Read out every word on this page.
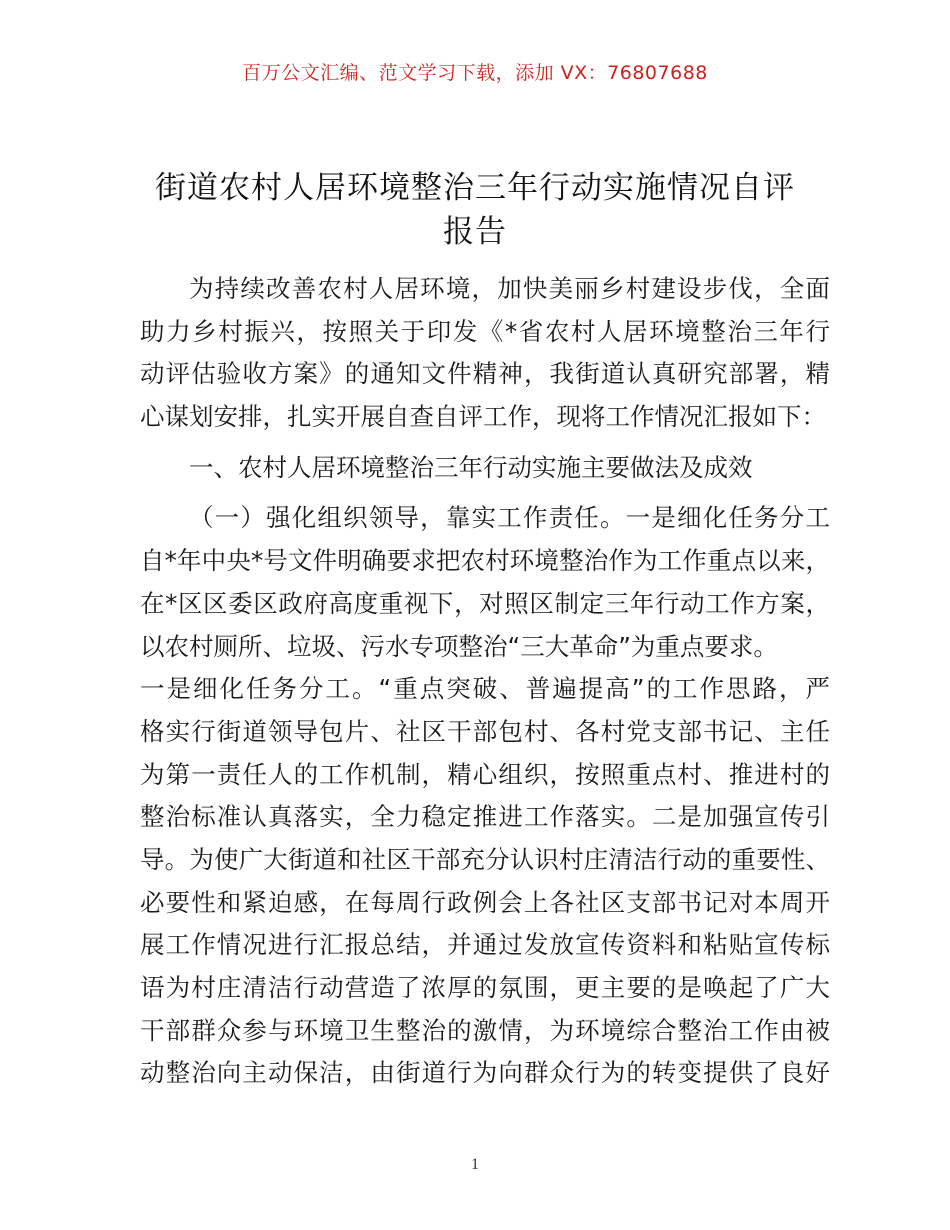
百万公文汇编、范文学习下载，添加 VX：76807688
街道农村人居环境整治三年行动实施情况自评
报告
为持续改善农村人居环境，加快美丽乡村建设步伐，全面
助力乡村振兴，按照关于印发《*省农村人居环境整治三年行
动评估验收方案》的通知文件精神，我街道认真研究部署，精
心谋划安排，扎实开展自查自评工作，现将工作情况汇报如下：
一、农村人居环境整治三年行动实施主要做法及成效
（一）强化组织领导，靠实工作责任。一是细化任务分工
自*年中央*号文件明确要求把农村环境整治作为工作重点以来，
在*区区委区政府高度重视下，对照区制定三年行动工作方案，
以农村厕所、垃圾、污水专项整治“三大革命”为重点要求。
一是细化任务分工。“重点突破、普遍提高”的工作思路，严
格实行街道领导包片、社区干部包村、各村党支部书记、主任
为第一责任人的工作机制，精心组织，按照重点村、推进村的
整治标准认真落实，全力稳定推进工作落实。二是加强宣传引
导。为使广大街道和社区干部充分认识村庄清洁行动的重要性、
必要性和紧迫感，在每周行政例会上各社区支部书记对本周开
展工作情况进行汇报总结，并通过发放宣传资料和粘贴宣传标
语为村庄清洁行动营造了浓厚的氛围，更主要的是唤起了广大
干部群众参与环境卫生整治的激情，为环境综合整治工作由被
动整治向主动保洁，由街道行为向群众行为的转变提供了良好
1
